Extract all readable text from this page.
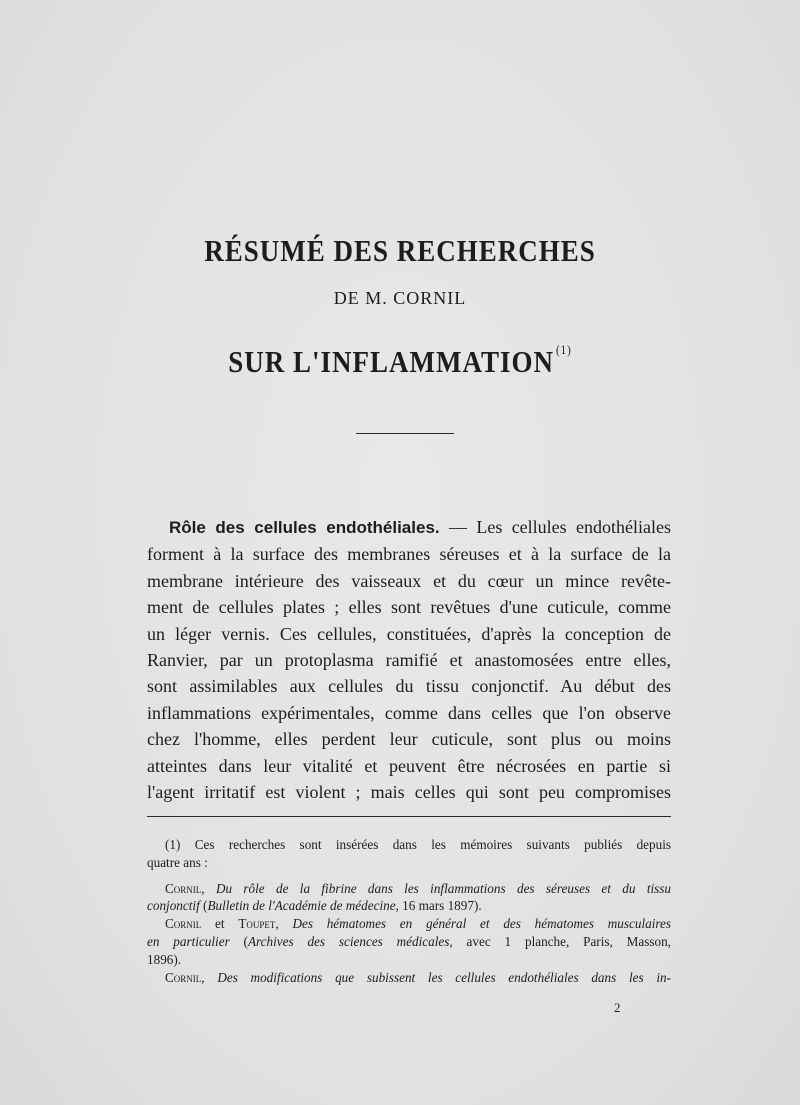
RÉSUMÉ DES RECHERCHES
DE M. CORNIL
SUR L'INFLAMMATION $^{(1)}$
Rôle des cellules endothéliales. — Les cellules endothéliales
forment à la surface des membranes séreuses et à la surface de la
membrane intérieure des vaisseaux et du cœur un mince revête-
ment de cellules plates ; elles sont revêtues d'une cuticule, comme
un léger vernis. Ces cellules, constituées, d'après la conception de
Ranvier, par un protoplasma ramifié et anastomosées entre elles,
sont assimilables aux cellules du tissu conjonctif. Au début des
inflammations expérimentales, comme dans celles que l'on observe
chez l'homme, elles perdent leur cuticule, sont plus ou moins
atteintes dans leur vitalité et peuvent être nécrosées en partie si
l'agent irritatif est violent ; mais celles qui sont peu compromises
(1) Ces recherches sont insérées dans les mémoires suivants publiés depuis
quatre ans :
Cornil, Du rôle de la fibrine dans les inflammations des séreuses et du tissu
conjonctif (Bulletin de l'Académie de médecine, 16 mars 1897).
Cornil et Toupet, Des hématomes en général et des hématomes musculaires
en particulier (Archives des sciences médicales, avec 1 planche, Paris, Masson,
1896).
Cornil, Des modifications que subissent les cellules endothéliales dans les in-
2
